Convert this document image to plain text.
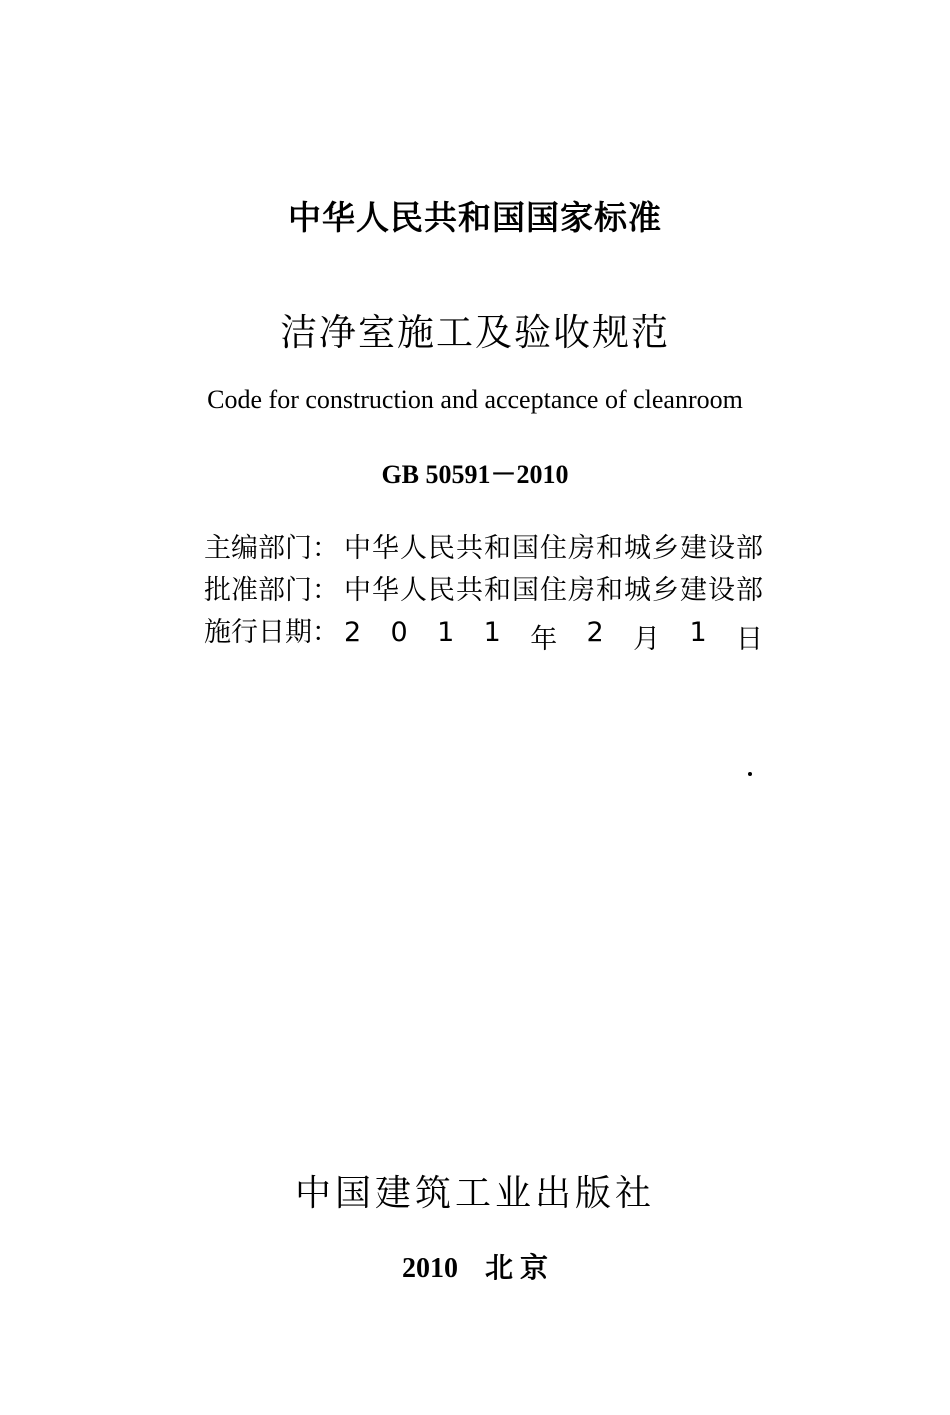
中华人民共和国国家标准
洁净室施工及验收规范
Code for construction and acceptance of cleanroom
GB 50591－2010
主编部门： 中华人民共和国住房和城乡建设部
批准部门： 中华人民共和国住房和城乡建设部
施行日期： 2 0 1 1 年 2 月 1 日
中国建筑工业出版社
2010 北 京
